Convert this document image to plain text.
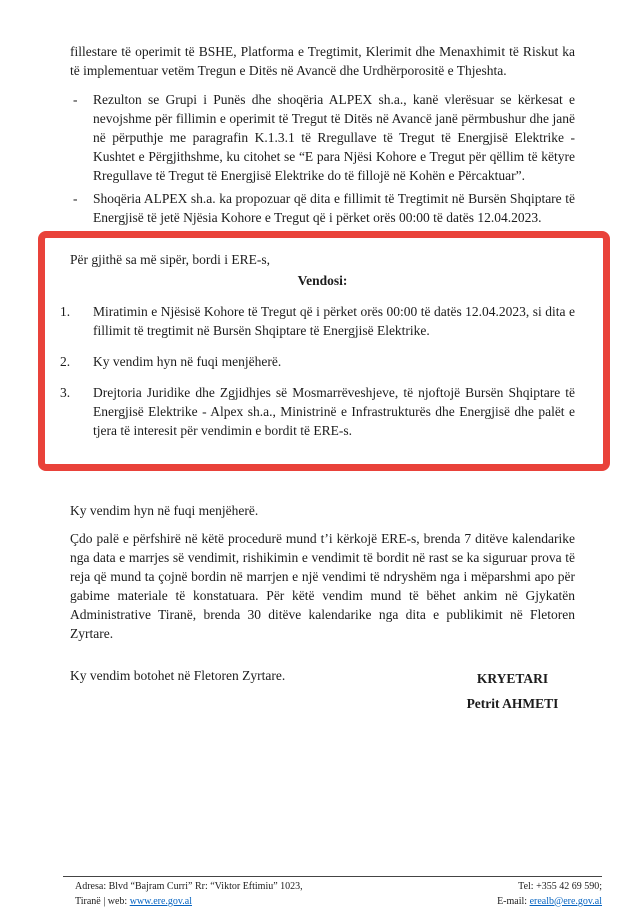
fillestare të operimit të BSHE, Platforma e Tregtimit, Klerimit dhe Menaxhimit të Riskut ka të implementuar vetëm Tregun e Ditës në Avancë dhe Urdhërporositë e Thjeshta.

-	Rezulton se Grupi i Punës dhe shoqëria ALPEX sh.a., kanë vlerësuar se kërkesat e nevojshme për fillimin e operimit të Tregut të Ditës në Avancë janë përmbushur dhe janë në përputhje me paragrafin K.1.3.1 të Rregullave të Tregut të Energjisë Elektrike - Kushtet e Përgjithshme, ku citohet se “E para Njësi Kohore e Tregut për qëllim të këtyre Rregullave të Tregut të Energjisë Elektrike do të fillojë në Kohën e Përcaktuar”.
-	Shoqëria ALPEX sh.a. ka propozuar që dita e fillimit të Tregtimit në Bursën Shqiptare të Energjisë të jetë Njësia Kohore e Tregut që i përket orës 00:00 të datës 12.04.2023.
Për gjithë sa më sipër, bordi i ERE-s,
Vendosi:
1.	Miratimin e Njësisë Kohore të Tregut që i përket orës 00:00 të datës 12.04.2023, si dita e fillimit të tregtimit në Bursën Shqiptare të Energjisë Elektrike.
2.	Ky vendim hyn në fuqi menjëherë.
3.	Drejtoria Juridike dhe Zgjidhjes së Mosmarrëveshjeve, të njoftojë Bursën Shqiptare të Energjisë Elektrike - Alpex sh.a., Ministrinë e Infrastrukturës dhe Energjisë dhe palët e tjera të interesit për vendimin e bordit të ERE-s.

Ky vendim hyn në fuqi menjëherë.

Çdo palë e përfshirë në këtë procedurë mund t’i kërkojë ERE-s, brenda 7 ditëve kalendarike nga data e marrjes së vendimit, rishikimin e vendimit të bordit në rast se ka siguruar prova të reja që mund ta çojnë bordin në marrjen e një vendimi të ndryshëm nga i mëparshmi apo për gabime materiale të konstatuara. Për këtë vendim mund të bëhet ankim në Gjykatën Administrative Tiranë, brenda 30 ditëve kalendarike nga dita e publikimit në Fletoren Zyrtare.

Ky vendim botohet në Fletoren Zyrtare.	KRYETARI
Petrit AHMETI
Adresa: Blvd “Bajram Curri” Rr: “Viktor Eftimiu” 1023,
Tiranë | web: www.ere.gov.al
Tel: +355 42 69 590;
E-mail: erealb@ere.gov.al
